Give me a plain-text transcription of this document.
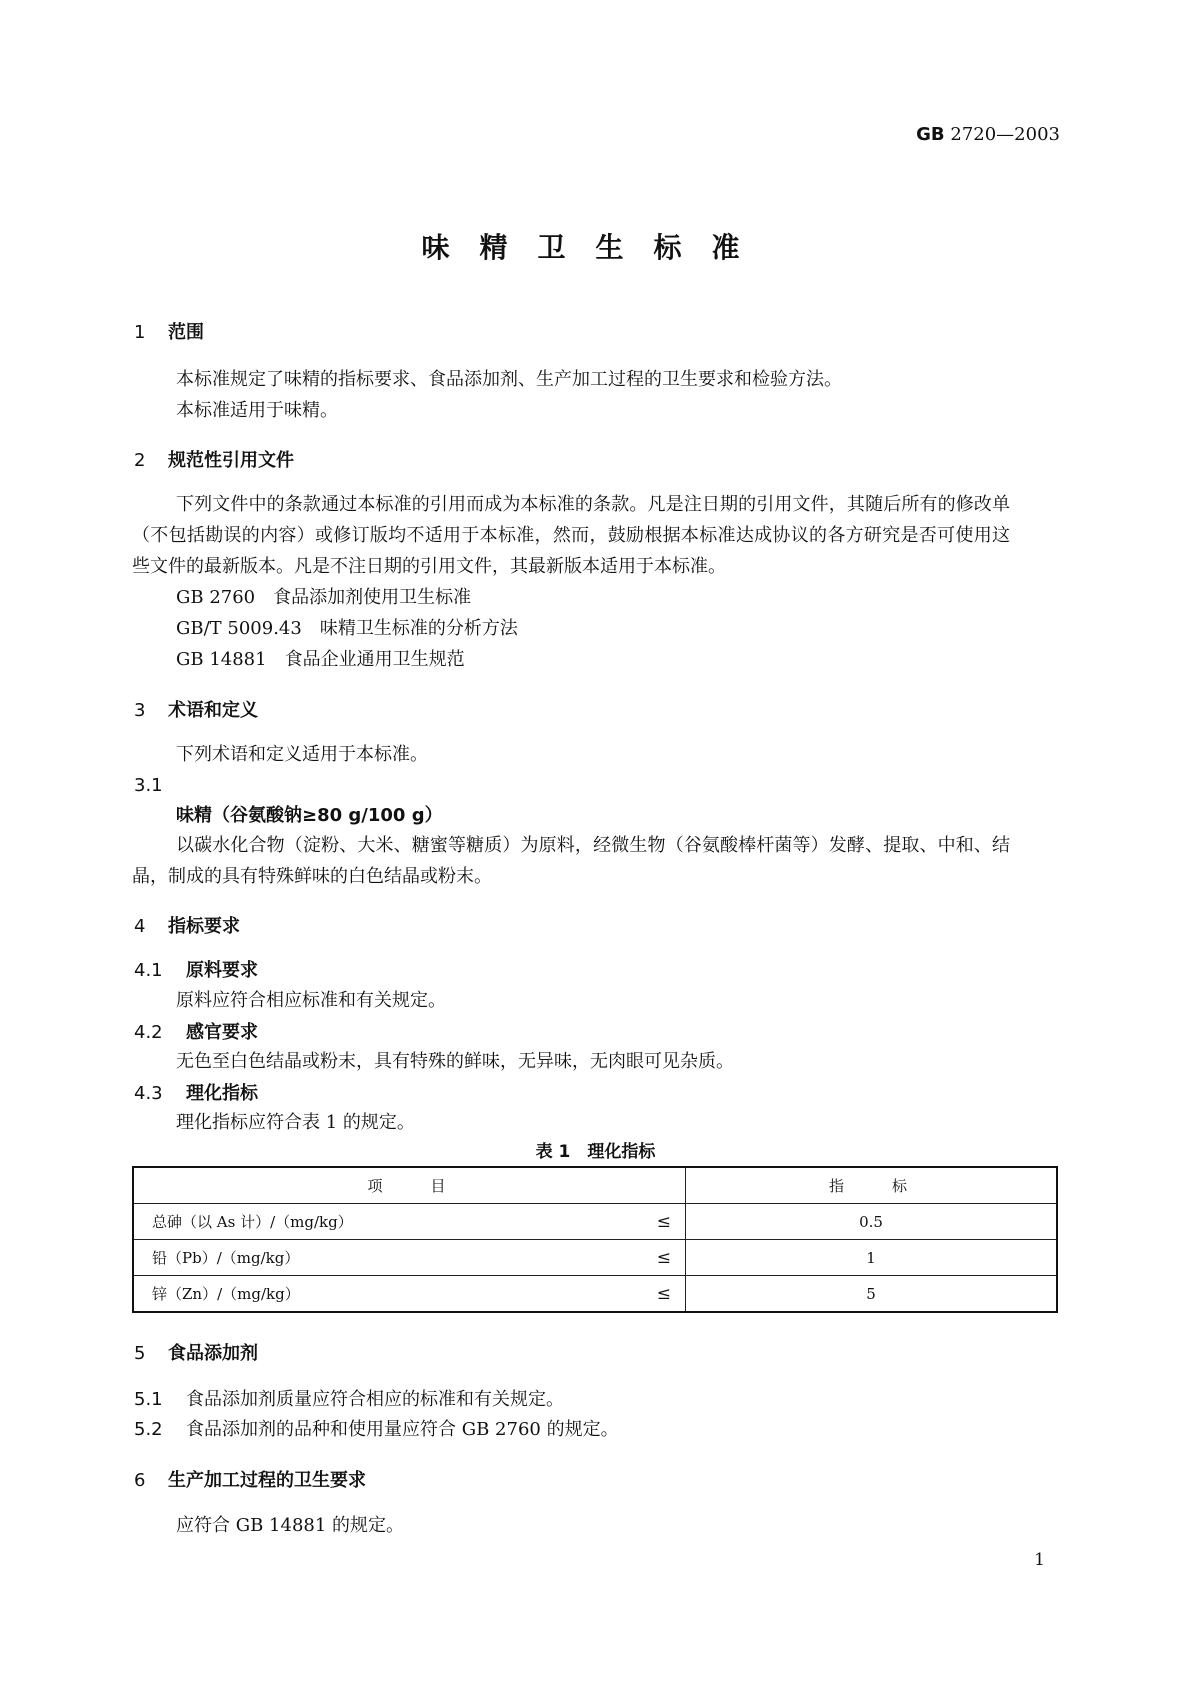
GB 2720—2003
味精卫生标准
1 范围
本标准规定了味精的指标要求、食品添加剂、生产加工过程的卫生要求和检验方法。
本标准适用于味精。
2 规范性引用文件
下列文件中的条款通过本标准的引用而成为本标准的条款。凡是注日期的引用文件，其随后所有的修改单（不包括勘误的内容）或修订版均不适用于本标准，然而，鼓励根据本标准达成协议的各方研究是否可使用这些文件的最新版本。凡是不注日期的引用文件，其最新版本适用于本标准。
GB 2760　 食品添加剂使用卫生标准
GB/T 5009.43　 味精卫生标准的分析方法
GB 14881　 食品企业通用卫生规范
3 术语和定义
下列术语和定义适用于本标准。
3.1
味精（谷氨酸钠≥80 g/100 g）
以碳水化合物（淀粉、大米、糖蜜等糖质）为原料，经微生物（谷氨酸棒杆菌等）发酵、提取、中和、结晶，制成的具有特殊鲜味的白色结晶或粉末。
4 指标要求
4.1 原料要求
原料应符合相应标准和有关规定。
4.2 感官要求
无色至白色结晶或粉末，具有特殊的鲜味，无异味，无肉眼可见杂质。
4.3 理化指标
理化指标应符合表 1 的规定。
表 1　理化指标
项　　目	指　　标
总砷（以 As 计）/（mg/kg） ≤	0.5
铅（Pb）/（mg/kg） ≤	1
锌（Zn）/（mg/kg） ≤	5
5 食品添加剂
5.1 食品添加剂质量应符合相应的标准和有关规定。
5.2 食品添加剂的品种和使用量应符合 GB 2760 的规定。
6 生产加工过程的卫生要求
应符合 GB 14881 的规定。
1
